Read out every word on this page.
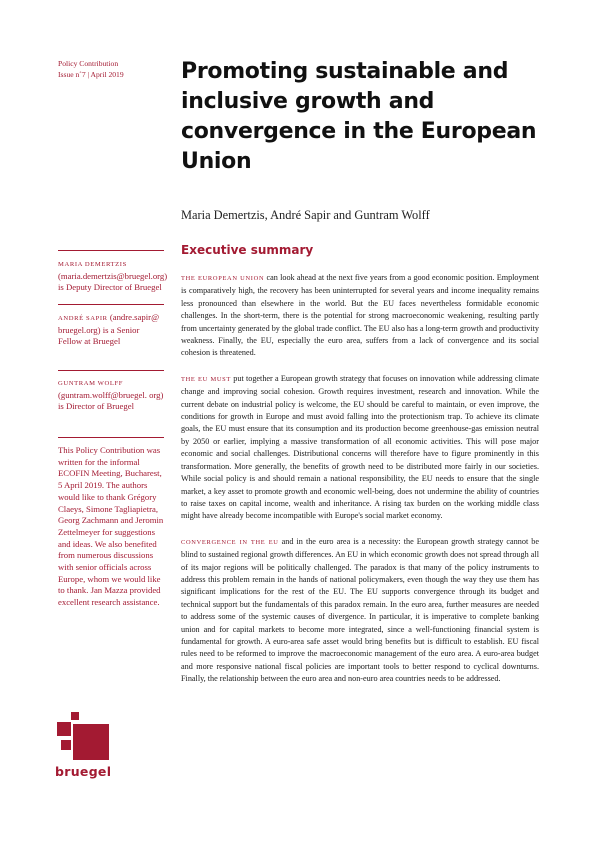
Policy Contribution
Issue n˚7 | April 2019	Promoting sustainable and inclusive growth and convergence in the European Union
Maria Demertzis, André Sapir and Guntram Wolff
MARIA DEMERTZIS (maria.demertzis@bruegel.org) is Deputy Director of Bruegel
ANDRÉ SAPIR (andre.sapir@ bruegel.org) is a Senior Fellow at Bruegel
GUNTRAM WOLFF
(guntram.wolff@bruegel. org) is Director of Bruegel
This Policy Contribution was written for the informal ECOFIN Meeting, Bucharest, 5 April 2019. The authors would like to thank Grégory Claeys, Simone Tagliapietra, Georg Zachmann and Jeromin Zettelmeyer for suggestions and ideas. We also benefited from numerous discussions with senior officials across Europe, whom we would like to thank. Jan Mazza provided excellent research assistance.
bruegel
Executive summary

THE EUROPEAN UNION can look ahead at the next five years from a good economic position. Employment is comparatively high, the recovery has been uninterrupted for several years and income inequality remains less pronounced than elsewhere in the world. But the EU faces nevertheless formidable economic challenges. In the short-term, there is the potential for strong macroeconomic weakening, resulting partly from uncertainty generated by the global trade conflict. The EU also has a long-term growth and productivity weakness. Finally, the EU, especially the euro area, suffers from a lack of convergence and its social cohesion is threatened.

THE EU MUST put together a European growth strategy that focuses on innovation while addressing climate change and improving social cohesion. Growth requires investment, research and innovation. While the current debate on industrial policy is welcome, the EU should be careful to maintain, or even improve, the conditions for growth in Europe and must avoid falling into the protectionism trap. To achieve its climate goals, the EU must ensure that its consumption and its production become greenhouse-gas emission neutral by 2050 or earlier, implying a massive transformation of all economic activities. This will pose major economic and social challenges. Distributional concerns will therefore have to figure prominently in this transformation. More generally, the benefits of growth need to be distributed more fairly in our societies. While social policy is and should remain a national responsibility, the EU needs to ensure that the single market, a key asset to promote growth and economic well-being, does not undermine the ability of countries to raise taxes on capital income, wealth and inheritance. A rising tax burden on the working middle class might have already become incompatible with Europe's social market economy.

CONVERGENCE IN THE EU and in the euro area is a necessity: the European growth strategy cannot be blind to sustained regional growth differences. An EU in which economic growth does not spread through all of its major regions will be politically challenged. The paradox is that many of the policy instruments to address this problem remain in the hands of national policymakers, even though the way they use them has significant implications for the rest of the EU. The EU supports convergence through its budget and technical support but the fundamentals of this paradox remain. In the euro area, further measures are needed to address some of the systemic causes of divergence. In particular, it is imperative to complete banking union and for capital markets to become more integrated, since a well-functioning financial system is fundamental for growth. A euro-area safe asset would bring benefits but is difficult to establish. EU fiscal rules need to be reformed to improve the macroeconomic management of the euro area. A euro-area budget and more responsive national fiscal policies are important tools to better respond to cyclical downturns. Finally, the relationship between the euro area and non-euro area countries needs to be addressed.
